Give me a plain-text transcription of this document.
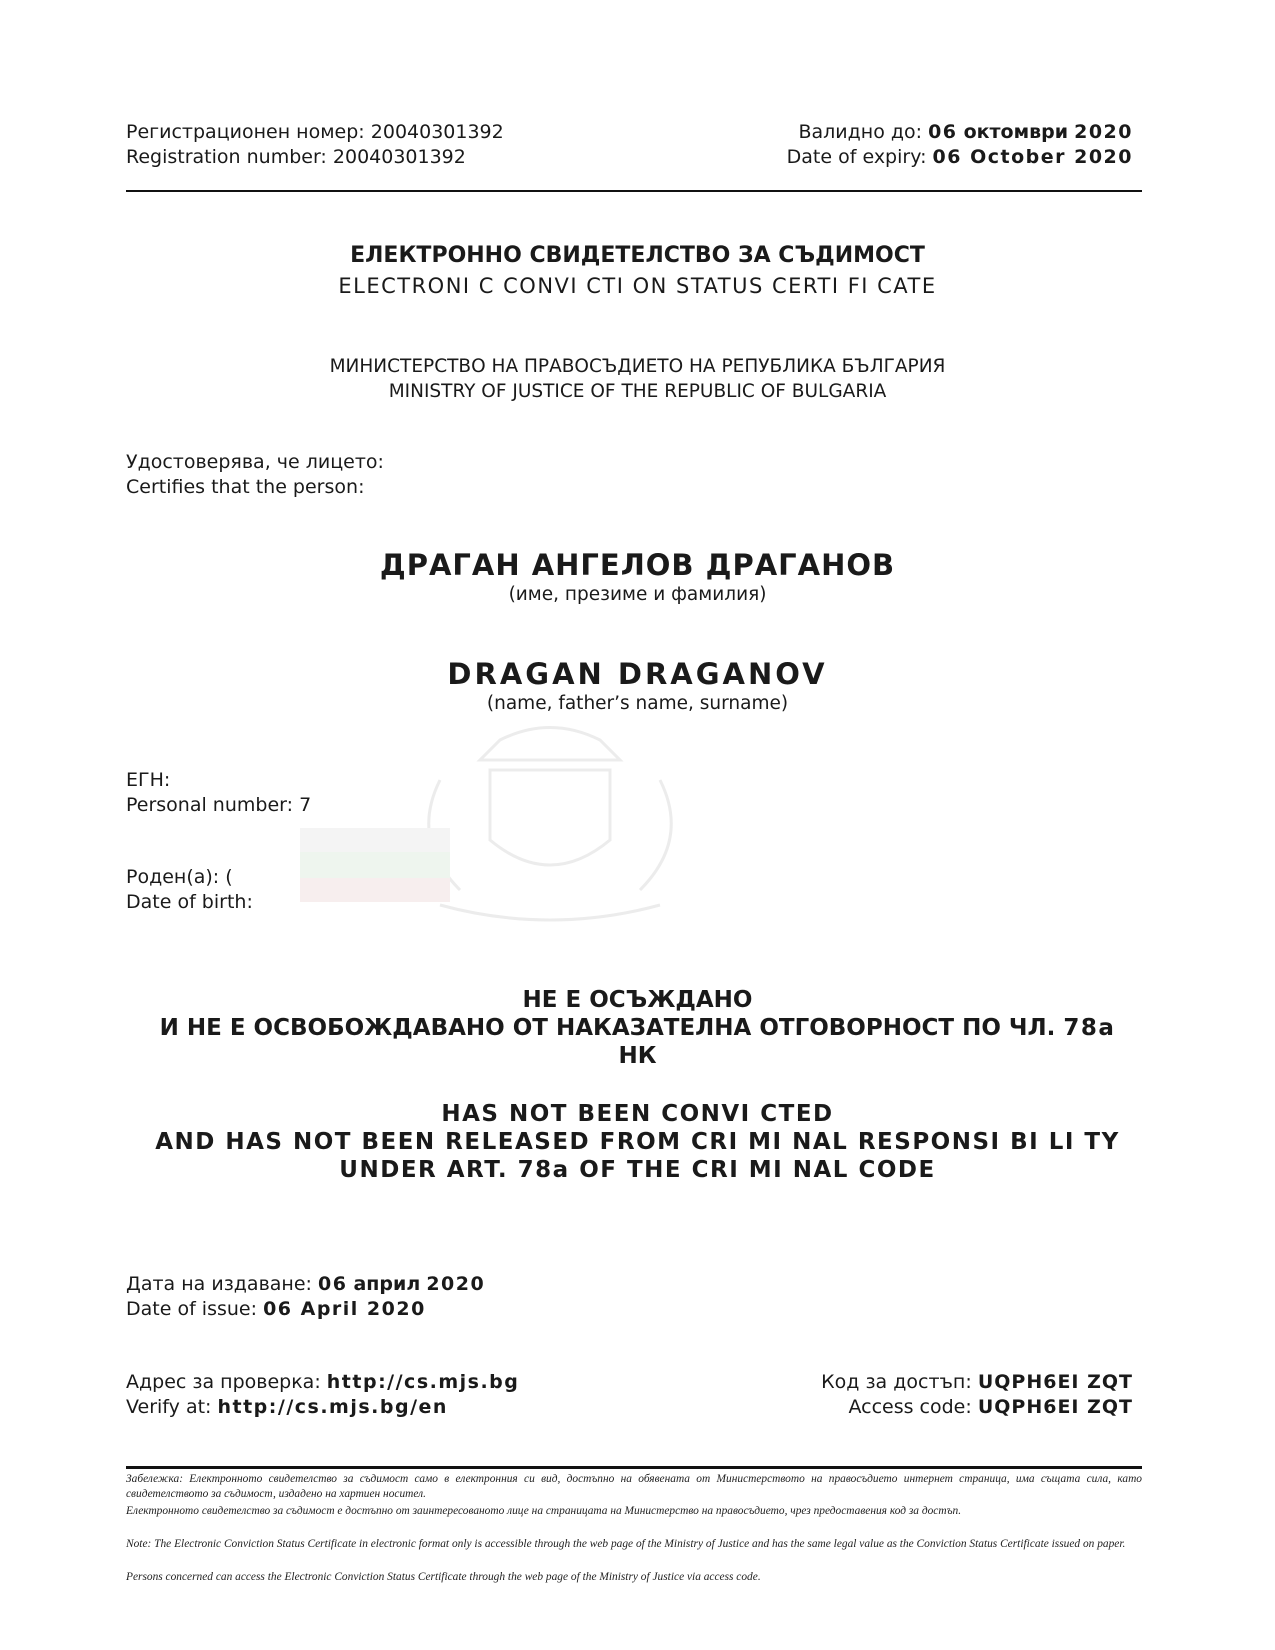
Регистрационен номер: 20040301392
Registration number: 20040301392
Валидно до: 06 октомври 2020
Date of expiry: 06 October 2020
ЕЛЕКТРОННО СВИДЕТЕЛСТВО ЗА СЪДИМОСТ
ELECTRONI C CONVI CTI ON STATUS CERTI FI CATE
МИНИСТЕРСТВО НА ПРАВОСЪДИЕТО НА РЕПУБЛИКА БЪЛГАРИЯ
MINISTRY OF JUSTICE OF THE REPUBLIC OF BULGARIA
Удостоверява, че лицето:
Certifies that the person:
ДРАГАН АНГЕЛОВ ДРАГАНОВ
(име, презиме и фамилия)
DRAGAN DRAGANOV
(name, father’s name, surname)
ЕГН:
Personal number: 7
Роден(а): (
Date of birth:
НЕ Е ОСЪЖДАНО
И НЕ Е ОСВОБОЖДАВАНО ОТ НАКАЗАТЕЛНА ОТГОВОРНОСТ ПО ЧЛ. 78а
НК
HAS NOT BEEN CONVI CTED
AND HAS NOT BEEN RELEASED FROM CRI MI NAL RESPONSI BI LI TY
UNDER ART. 78a OF THE CRI MI NAL CODE
Дата на издаване: 06 април 2020
Date of issue: 06 April 2020
Адрес за проверка: http://cs.mjs.bg
Verify at: http://cs.mjs.bg/en
Код за достъп: UQPH6EI ZQT
Access code: UQPH6EI ZQT
Забележка: Електронното свидетелство за съдимост само в електронния си вид, достъпно на обявената от Министерството на правосъдието интернет страница, има същата сила, като свидетелството за съдимост, издадено на хартиен носител.
Електронното свидетелство за съдимост е достъпно от заинтересованото лице на страницата на Министерство на правосъдието, чрез предоставения код за достъп.
Note: The Electronic Conviction Status Certificate in electronic format only is accessible through the web page of the Ministry of Justice and has the same legal value as the Conviction Status Certificate issued on paper.
Persons concerned can access the Electronic Conviction Status Certificate through the web page of the Ministry of Justice via access code.
